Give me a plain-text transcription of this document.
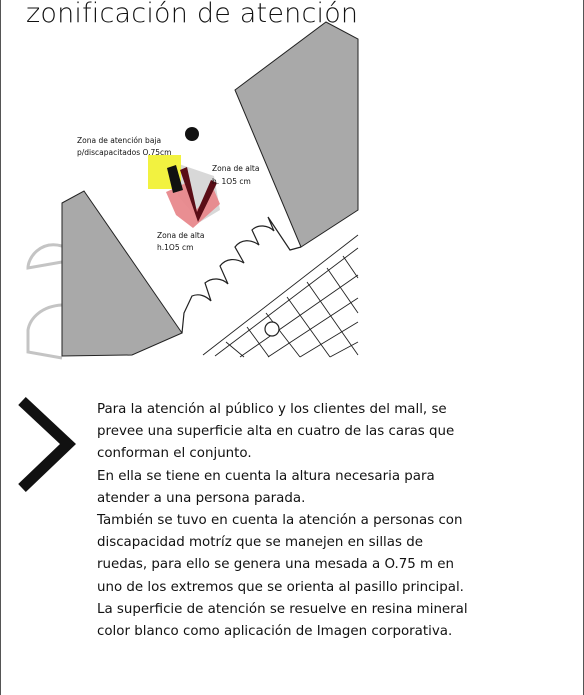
zonificación de atención
Zona de atención baja
p/discapacitados O.75cm
Zona de alta
h. 1O5 cm
Zona de alta
h.1O5 cm
Para la atención al público y los clientes del mall, se
prevee una superficie alta en cuatro de las caras que
conforman el conjunto.
En ella se tiene en cuenta la altura necesaria para
atender a una persona parada.
También se tuvo en cuenta la atención a personas con
discapacidad motríz que se manejen en sillas de
ruedas, para ello se genera una mesada a O.75 m en
uno de los extremos que se orienta al pasillo principal.
La superficie de atención se resuelve en resina mineral
color blanco como aplicación de Imagen corporativa.
